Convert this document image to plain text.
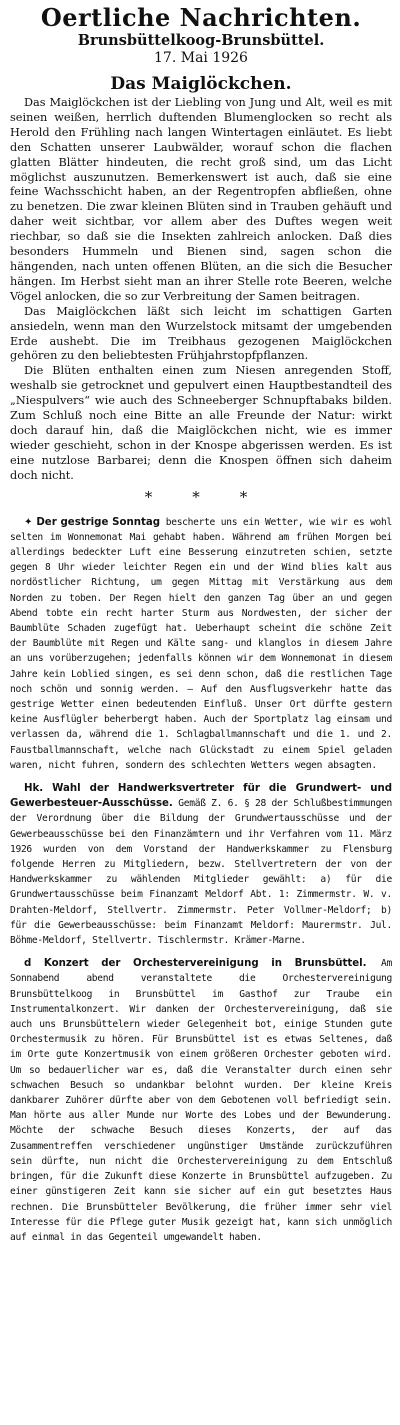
Oertliche Nachrichten.
Brunsbüttelkoog-Brunsbüttel.
17. Mai 1926
Das Maiglöckchen.

Das Maiglöckchen ist der Liebling von Jung und Alt, weil es mit seinen weißen, herrlich duftenden Blumenglocken so recht als Herold den Frühling nach langen Wintertagen einläutet. Es liebt den Schatten unserer Laubwälder, worauf schon die flachen glatten Blätter hindeuten, die recht groß sind, um das Licht möglichst auszunutzen. Bemerkenswert ist auch, daß sie eine feine Wachsschicht haben, an der Regentropfen abfließen, ohne zu benetzen. Die zwar kleinen Blüten sind in Trauben gehäuft und daher weit sichtbar, vor allem aber des Duftes wegen weit riechbar, so daß sie die Insekten zahlreich anlocken. Daß dies besonders Hummeln und Bienen sind, sagen schon die hängenden, nach unten offenen Blüten, an die sich die Besucher hängen. Im Herbst sieht man an ihrer Stelle rote Beeren, welche Vögel anlocken, die so zur Verbreitung der Samen beitragen.

Das Maiglöckchen läßt sich leicht im schattigen Garten ansiedeln, wenn man den Wurzelstock mitsamt der umgebenden Erde aushebt. Die im Treibhaus gezogenen Maiglöckchen gehören zu den beliebtesten Frühjahrstopfpflanzen.

Die Blüten enthalten einen zum Niesen anregenden Stoff, weshalb sie getrocknet und gepulvert einen Hauptbestandteil des „Niespulvers“ wie auch des Schneeberger Schnupftabaks bilden. Zum Schluß noch eine Bitte an alle Freunde der Natur: wirkt doch darauf hin, daß die Maiglöckchen nicht, wie es immer wieder geschieht, schon in der Knospe abgerissen werden. Es ist eine nutzlose Barbarei; denn die Knospen öffnen sich daheim doch nicht.

***

✦ Der gestrige Sonntag bescherte uns ein Wetter, wie wir es wohl selten im Wonnemonat Mai gehabt haben. Während am frühen Morgen bei allerdings bedeckter Luft eine Besserung einzutreten schien, setzte gegen 8 Uhr wieder leichter Regen ein und der Wind blies kalt aus nordöstlicher Richtung, um gegen Mittag mit Verstärkung aus dem Norden zu toben. Der Regen hielt den ganzen Tag über an und gegen Abend tobte ein recht harter Sturm aus Nordwesten, der sicher der Baumblüte Schaden zugefügt hat. Ueberhaupt scheint die schöne Zeit der Baumblüte mit Regen und Kälte sang- und klanglos in diesem Jahre an uns vorüberzugehen; jedenfalls können wir dem Wonnemonat in diesem Jahre kein Loblied singen, es sei denn schon, daß die restlichen Tage noch schön und sonnig werden. — Auf den Ausflugsverkehr hatte das gestrige Wetter einen bedeutenden Einfluß. Unser Ort dürfte gestern keine Ausflügler beherbergt haben. Auch der Sportplatz lag einsam und verlassen da, während die 1. Schlagballmannschaft und die 1. und 2. Faustballmannschaft, welche nach Glückstadt zu einem Spiel geladen waren, nicht fuhren, sondern des schlechten Wetters wegen absagten.

Hk. Wahl der Handwerksvertreter für die Grundwert- und Gewerbesteuer-Ausschüsse. Gemäß Z. 6. § 28 der Schlußbestimmungen der Verordnung über die Bildung der Grundwertausschüsse und der Gewerbeausschüsse bei den Finanzämtern und ihr Verfahren vom 11. März 1926 wurden von dem Vorstand der Handwerkskammer zu Flensburg folgende Herren zu Mitgliedern, bezw. Stellvertretern der von der Handwerkskammer zu wählenden Mitglieder gewählt: a) für die Grundwertausschüsse beim Finanzamt Meldorf Abt. 1: Zimmermstr. W. v. Drahten-Meldorf, Stellvertr. Zimmermstr. Peter Vollmer-Meldorf; b) für die Gewerbeausschüsse: beim Finanzamt Meldorf: Maurermstr. Jul. Böhme-Meldorf, Stellvertr. Tischlermstr. Krämer-Marne.

d Konzert der Orchestervereinigung in Brunsbüttel. Am Sonnabend abend veranstaltete die Orchestervereinigung Brunsbüttelkoog in Brunsbüttel im Gasthof zur Traube ein Instrumentalkonzert. Wir danken der Orchestervereinigung, daß sie auch uns Brunsbüttelern wieder Gelegenheit bot, einige Stunden gute Orchestermusik zu hören. Für Brunsbüttel ist es etwas Seltenes, daß im Orte gute Konzertmusik von einem größeren Orchester geboten wird. Um so bedauerlicher war es, daß die Veranstalter durch einen sehr schwachen Besuch so undankbar belohnt wurden. Der kleine Kreis dankbarer Zuhörer dürfte aber von dem Gebotenen voll befriedigt sein. Man hörte aus aller Munde nur Worte des Lobes und der Bewunderung. Möchte der schwache Besuch dieses Konzerts, der auf das Zusammentreffen verschiedener ungünstiger Umstände zurückzuführen sein dürfte, nun nicht die Orchestervereinigung zu dem Entschluß bringen, für die Zukunft diese Konzerte in Brunsbüttel aufzugeben. Zu einer günstigeren Zeit kann sie sicher auf ein gut besetztes Haus rechnen. Die Brunsbütteler Bevölkerung, die früher immer sehr viel Interesse für die Pflege guter Musik gezeigt hat, kann sich unmöglich auf einmal in das Gegenteil umgewandelt haben.
